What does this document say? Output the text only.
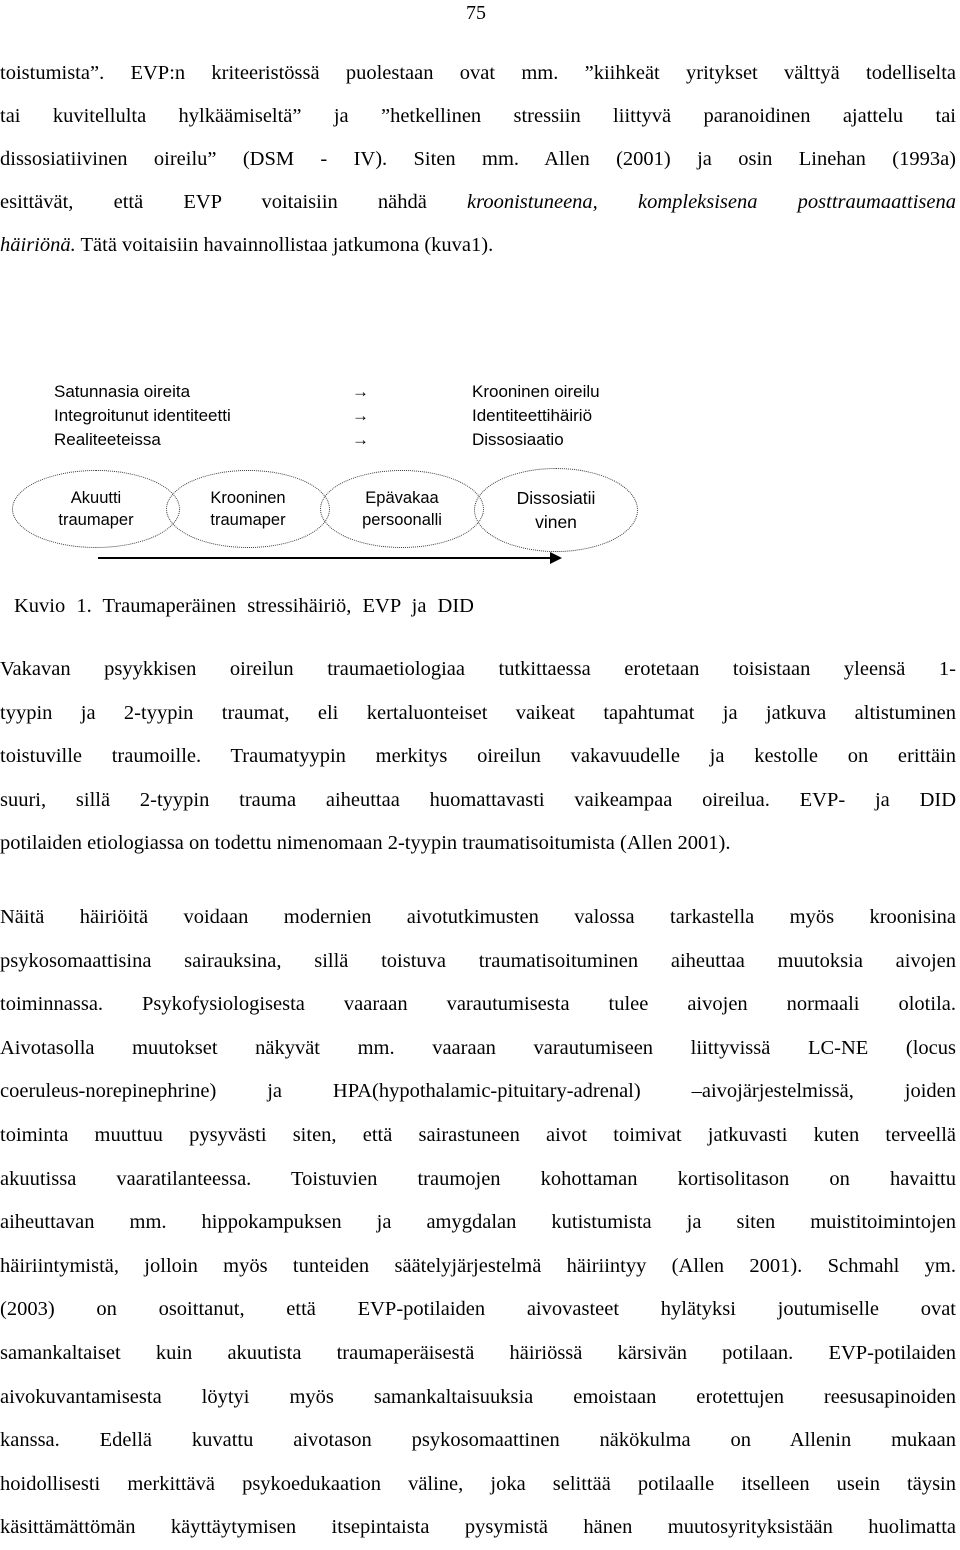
75
toistumista”. EVP:n kriteeristössä puolestaan ovat mm. ”kiihkeät yritykset välttyä todelliselta
tai kuvitellulta hylkäämiseltä” ja ”hetkellinen stressiin liittyvä paranoidinen ajattelu tai
dissosiatiivinen oireilu” (DSM - IV). Siten mm. Allen (2001) ja osin Linehan (1993a)
esittävät, että EVP voitaisiin nähdä kroonistuneena, kompleksisena posttraumaattisena
häiriönä. Tätä voitaisiin havainnollistaa jatkumona (kuva1).
Satunnasia oireita	→	Krooninen oireilu
Integroitunut identiteetti	→	Identiteettihäiriö
Realiteeteissa	→	Dissosiaatio
Akuutti
traumaper
Krooninen
traumaper
Epävakaa
persoonalli
Dissosiatii
vinen
Kuvio 1. Traumaperäinen stressihäiriö, EVP ja DID
Vakavan psyykkisen oireilun traumaetiologiaa tutkittaessa erotetaan toisistaan yleensä 1-
tyypin ja 2-tyypin traumat, eli kertaluonteiset vaikeat tapahtumat ja jatkuva altistuminen
toistuville traumoille. Traumatyypin merkitys oireilun vakavuudelle ja kestolle on erittäin
suuri, sillä 2-tyypin trauma aiheuttaa huomattavasti vaikeampaa oireilua. EVP- ja DID
potilaiden etiologiassa on todettu nimenomaan 2-tyypin traumatisoitumista (Allen 2001).
Näitä häiriöitä voidaan modernien aivotutkimusten valossa tarkastella myös kroonisina
psykosomaattisina sairauksina, sillä toistuva traumatisoituminen aiheuttaa muutoksia aivojen
toiminnassa. Psykofysiologisesta vaaraan varautumisesta tulee aivojen normaali olotila.
Aivotasolla muutokset näkyvät mm. vaaraan varautumiseen liittyvissä LC-NE (locus
coeruleus-norepinephrine) ja HPA(hypothalamic-pituitary-adrenal) –aivojärjestelmissä, joiden
toiminta muuttuu pysyvästi siten, että sairastuneen aivot toimivat jatkuvasti kuten terveellä
akuutissa vaaratilanteessa. Toistuvien traumojen kohottaman kortisolitason on havaittu
aiheuttavan mm. hippokampuksen ja amygdalan kutistumista ja siten muistitoimintojen
häiriintymistä, jolloin myös tunteiden säätelyjärjestelmä häiriintyy (Allen 2001). Schmahl ym.
(2003) on osoittanut, että EVP-potilaiden aivovasteet hylätyksi joutumiselle ovat
samankaltaiset kuin akuutista traumaperäisestä häiriössä kärsivän potilaan. EVP-potilaiden
aivokuvantamisesta löytyi myös samankaltaisuuksia emoistaan erotettujen reesusapinoiden
kanssa. Edellä kuvattu aivotason psykosomaattinen näkökulma on Allenin mukaan
hoidollisesti merkittävä psykoedukaation väline, joka selittää potilaalle itselleen usein täysin
käsittämättömän käyttäytymisen itsepintaista pysymistä hänen muutosyrityksistään huolimatta
